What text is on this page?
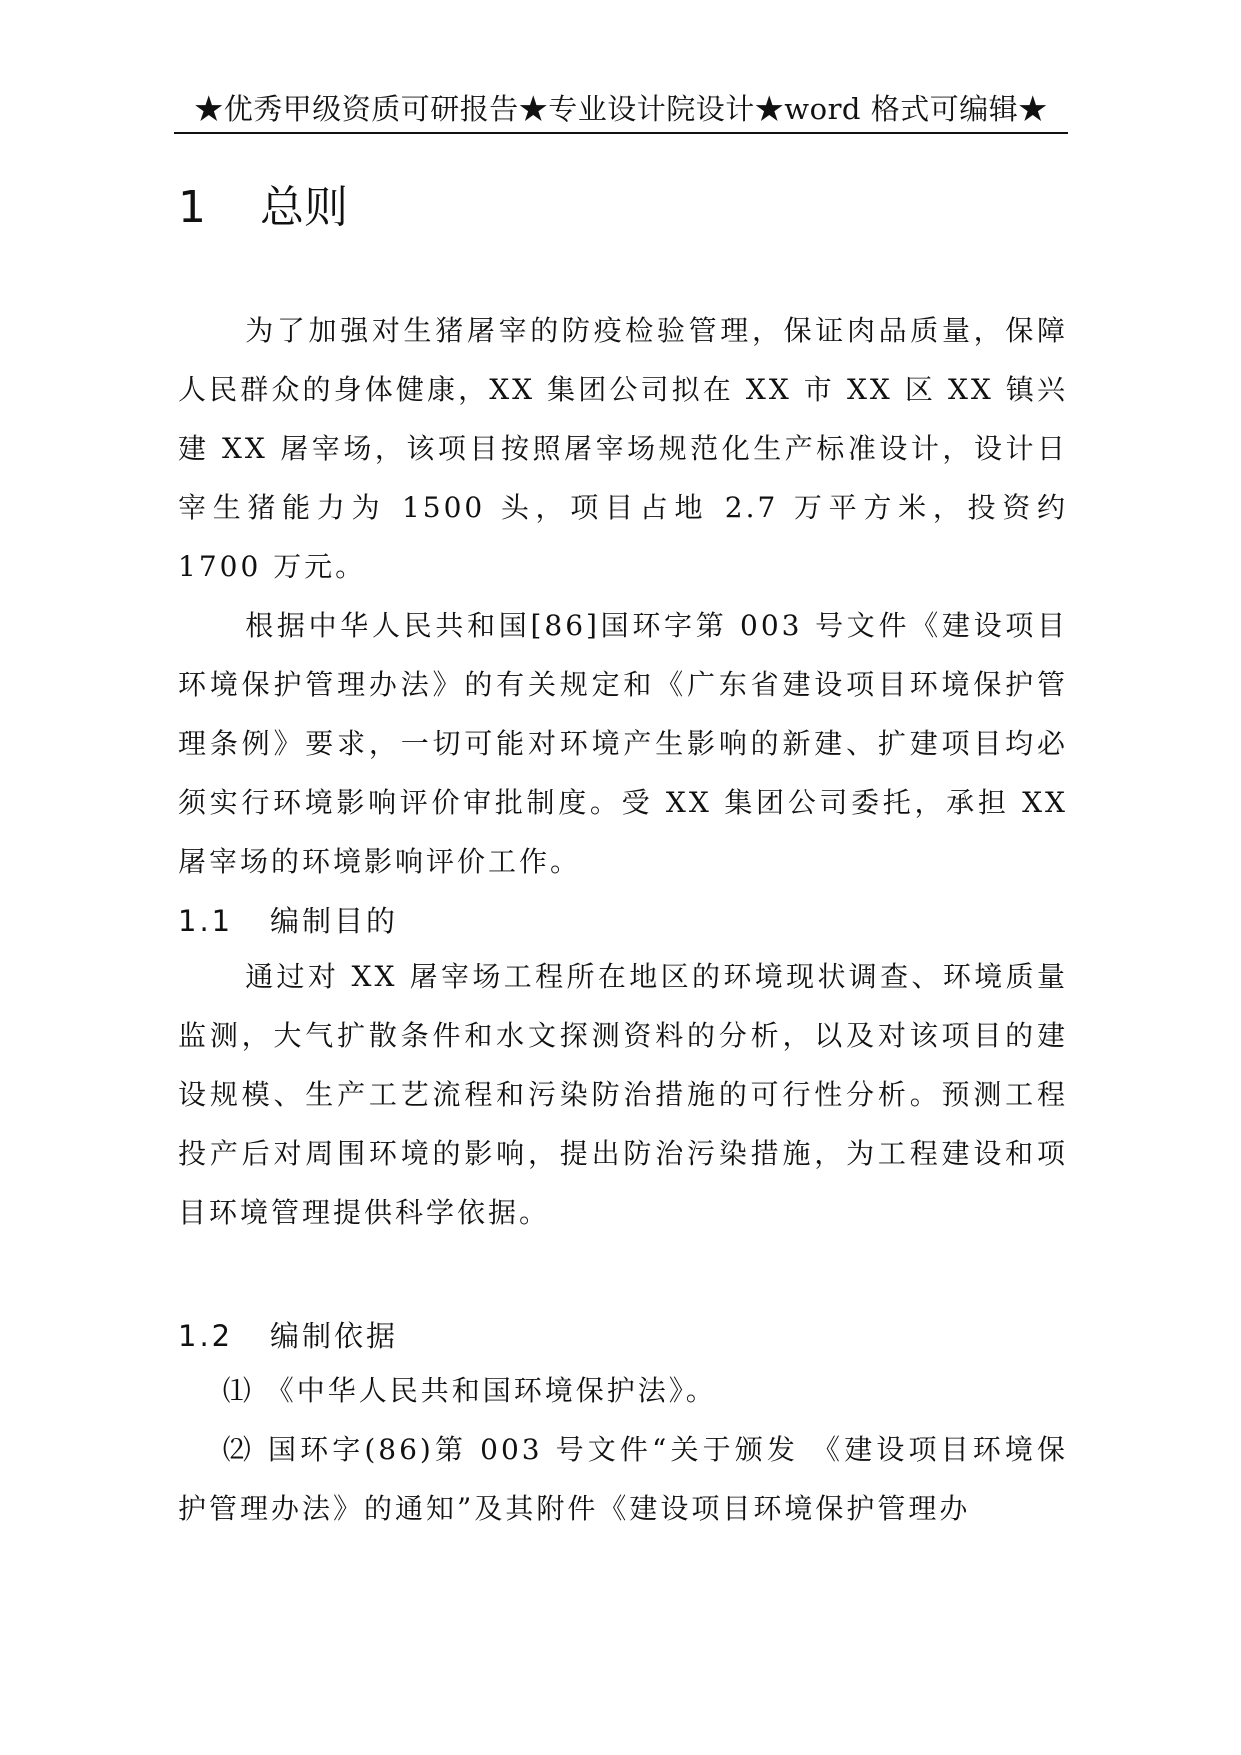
★优秀甲级资质可研报告★专业设计院设计★word 格式可编辑★
1 总则

为了加强对生猪屠宰的防疫检验管理，保证肉品质量，保障人民群众的身体健康，XX 集团公司拟在 XX 市 XX 区 XX 镇兴建 XX 屠宰场，该项目按照屠宰场规范化生产标准设计，设计日宰生猪能力为 1500 头，项目占地 2.7 万平方米，投资约 1700 万元。

根据中华人民共和国[86]国环字第 003 号文件《建设项目环境保护管理办法》的有关规定和《广东省建设项目环境保护管理条例》要求，一切可能对环境产生影响的新建、扩建项目均必须实行环境影响评价审批制度。受 XX 集团公司委托，承担 XX 屠宰场的环境影响评价工作。

1.1 编制目的

通过对 XX 屠宰场工程所在地区的环境现状调查、环境质量监测，大气扩散条件和水文探测资料的分析，以及对该项目的建设规模、生产工艺流程和污染防治措施的可行性分析。预测工程投产后对周围环境的影响，提出防治污染措施，为工程建设和项目环境管理提供科学依据。

1.2 编制依据

⑴ 《中华人民共和国环境保护法》。

⑵ 国环字(86)第 003 号文件“关于颁发 《建设项目环境保护管理办法》的通知”及其附件《建设项目环境保护管理办
